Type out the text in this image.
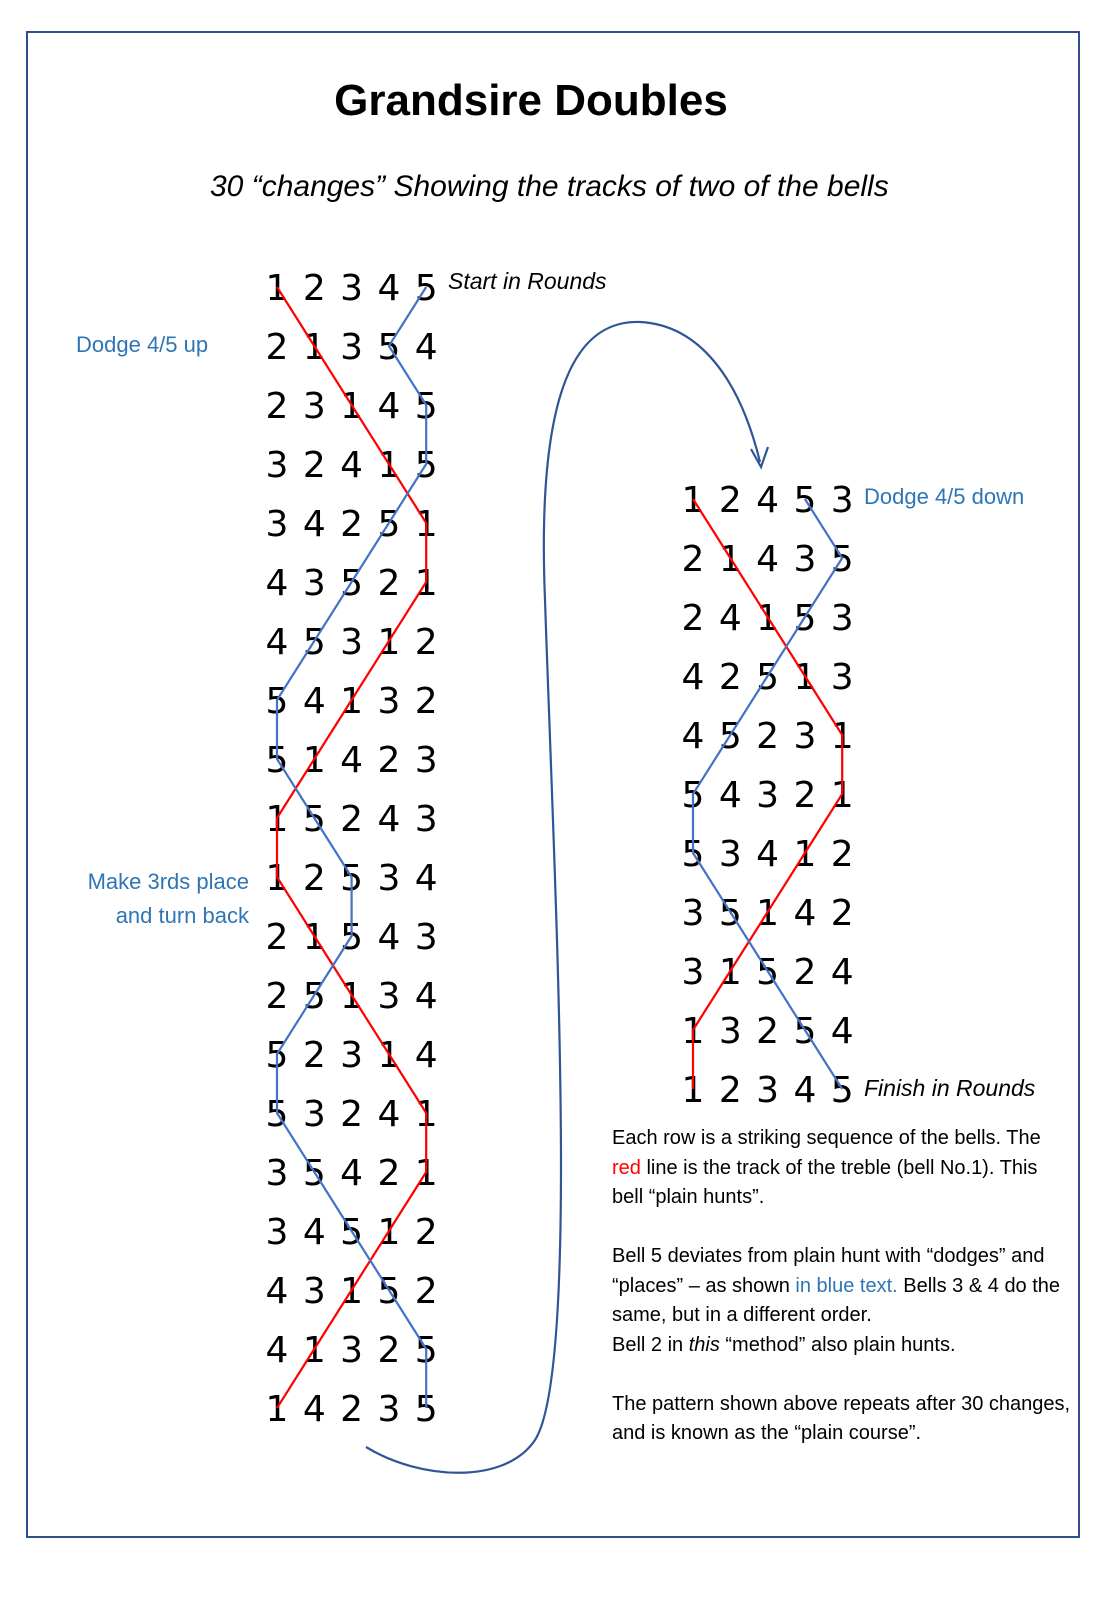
Grandsire Doubles
30 “changes” Showing the tracks of two of the bells
1 2 3 4 5
2 1 3 5 4
2 3 1 4 5
3 2 4 1 5
3 4 2 5 1
4 3 5 2 1
4 5 3 1 2
5 4 1 3 2
5 1 4 2 3
1 5 2 4 3
1 2 5 3 4
2 1 5 4 3
2 5 1 3 4
5 2 3 1 4
5 3 2 4 1
3 5 4 2 1
3 4 5 1 2
4 3 1 5 2
4 1 3 2 5
1 4 2 3 5
1 2 4 5 3
2 1 4 3 5
2 4 1 5 3
4 2 5 1 3
4 5 2 3 1
5 4 3 2 1
5 3 4 1 2
3 5 1 4 2
3 1 5 2 4
1 3 2 5 4
1 2 3 4 5
Start in Rounds
Finish in Rounds
Dodge 4/5 up
Dodge 4/5 down
Make 3rds place
and turn back

Each row is a striking sequence of the bells. The red line is the track of the treble (bell No.1). This bell “plain hunts”.

Bell 5 deviates from plain hunt with “dodges” and “places” – as shown in blue text. Bells 3 & 4 do the same, but in a different order.
Bell 2 in this “method” also plain hunts.

The pattern shown above repeats after 30 changes, and is known as the “plain course”.
